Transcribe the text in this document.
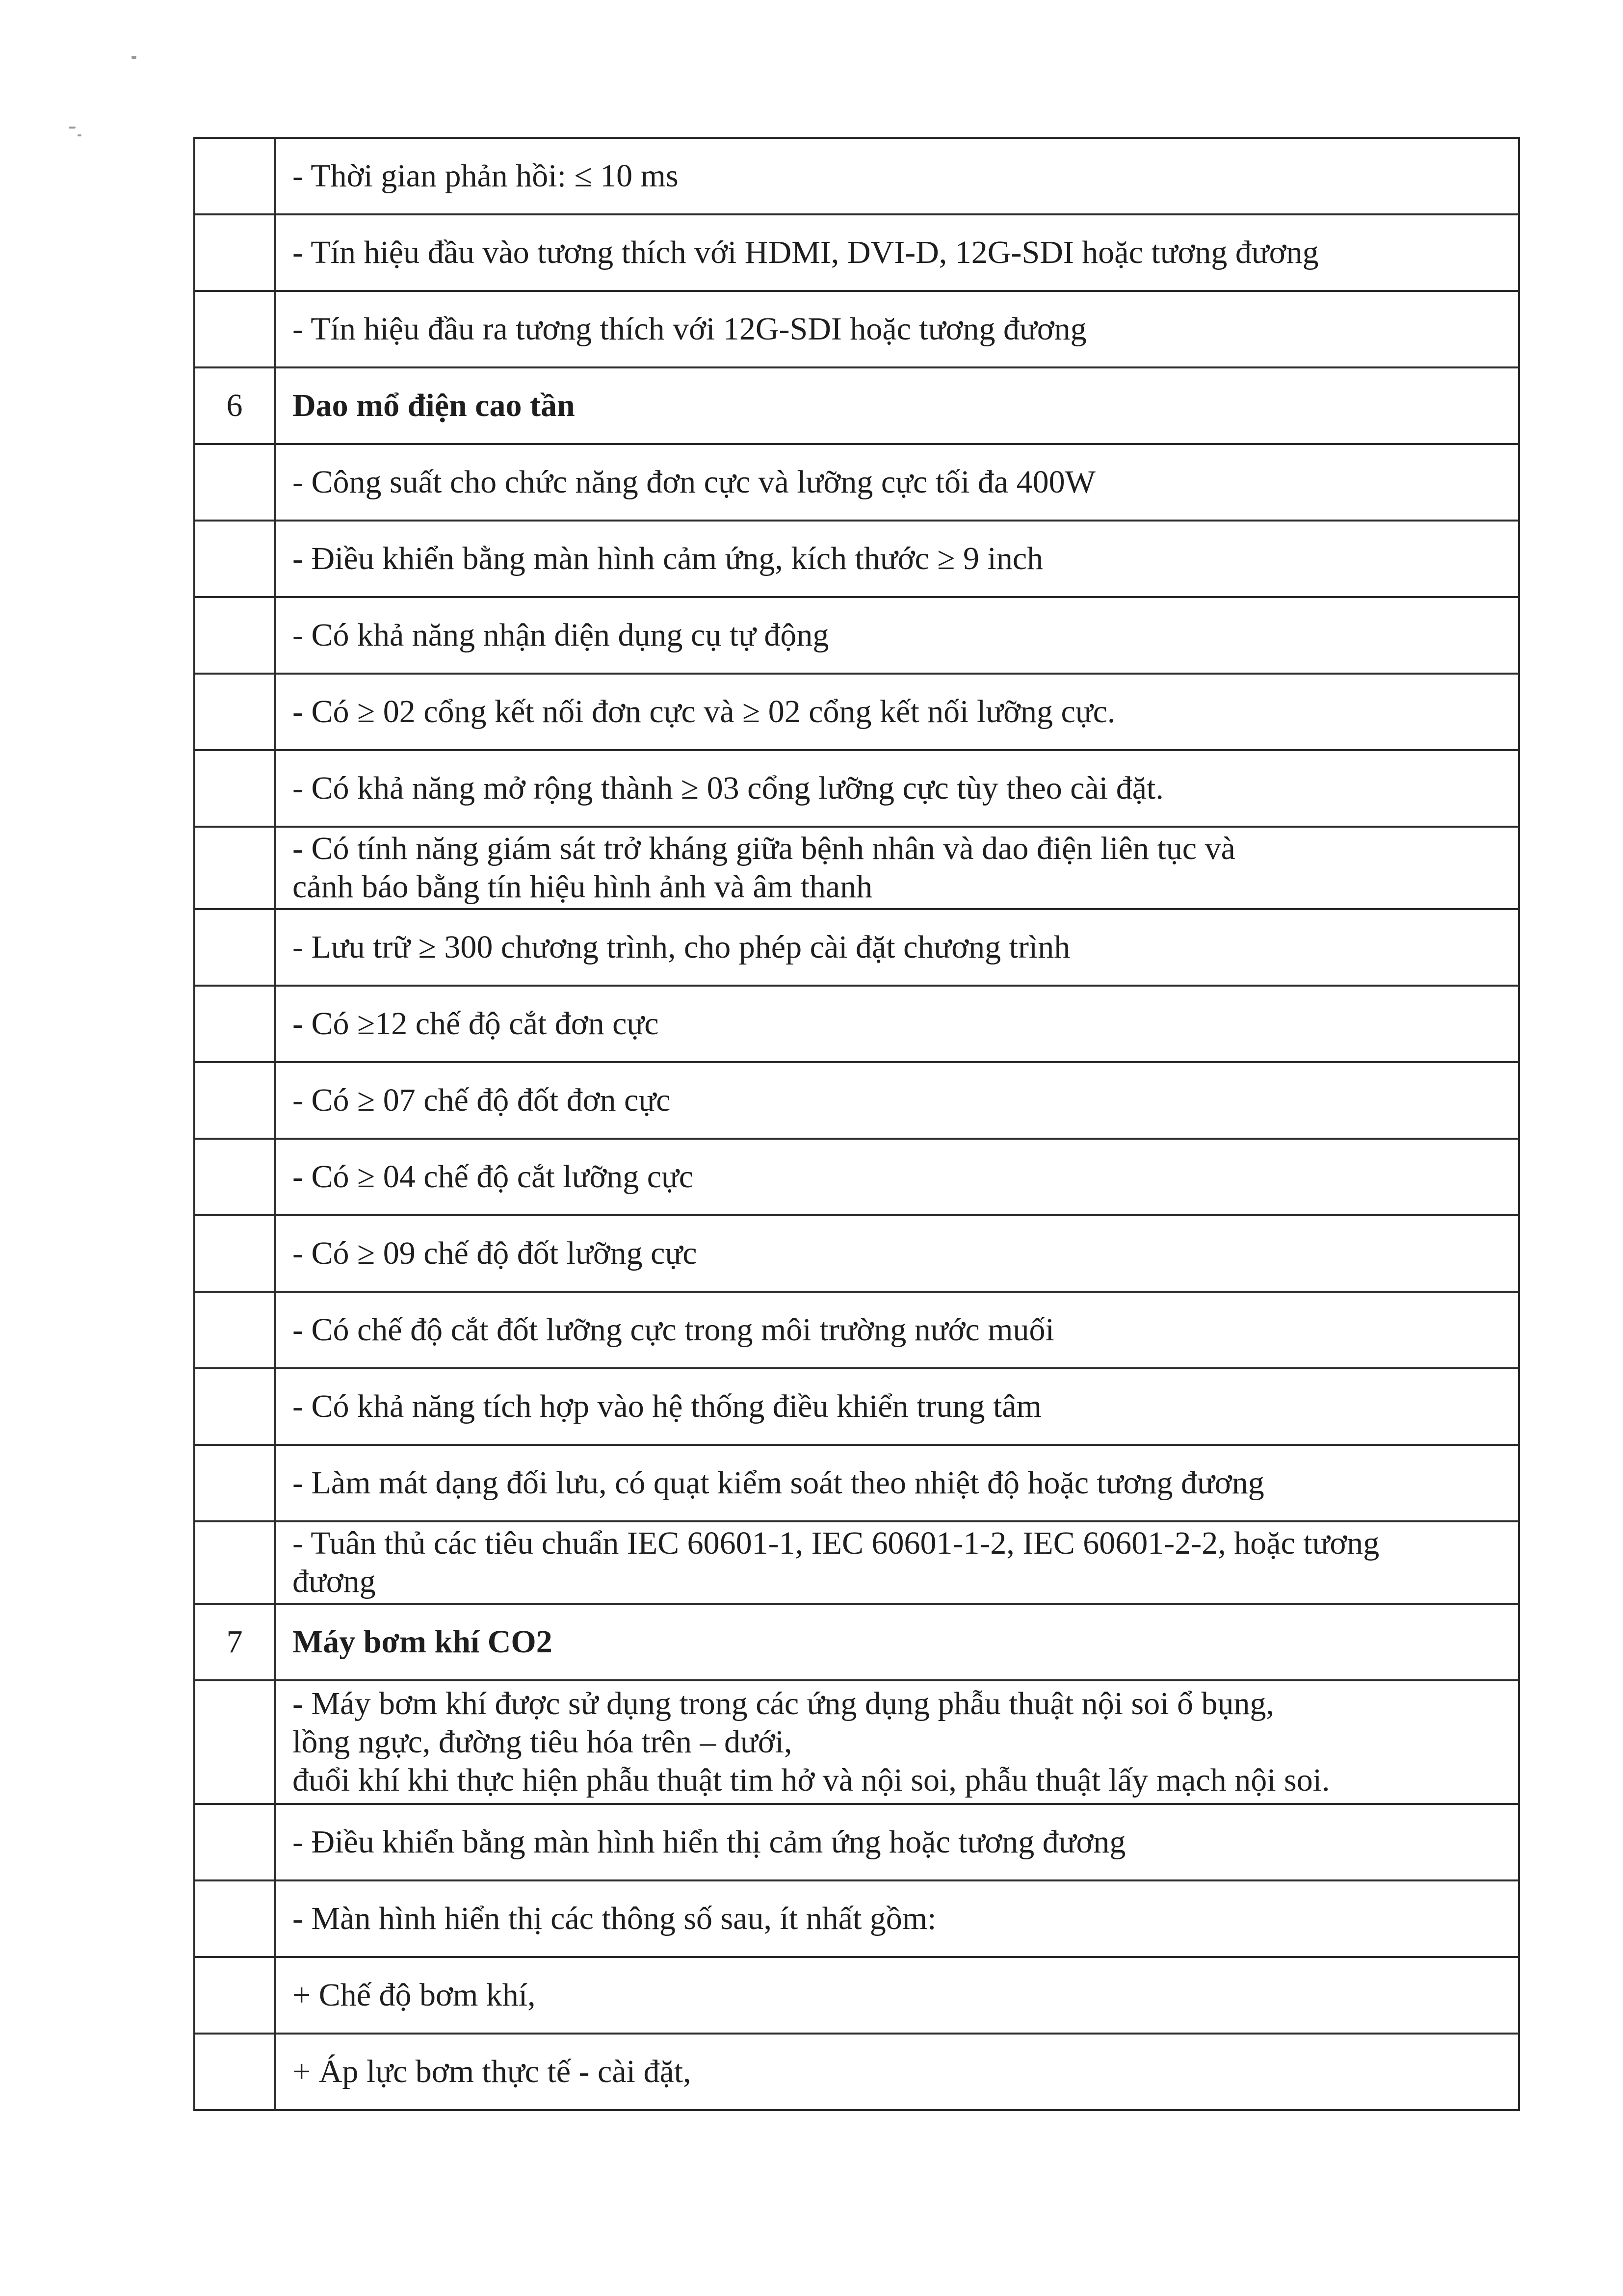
	- Thời gian phản hồi: ≤ 10 ms
	- Tín hiệu đầu vào tương thích với HDMI, DVI-D, 12G-SDI hoặc tương đương
	- Tín hiệu đầu ra tương thích với 12G-SDI hoặc tương đương
6	Dao mổ điện cao tần
	- Công suất cho chức năng đơn cực và lưỡng cực tối đa 400W
	- Điều khiển bằng màn hình cảm ứng, kích thước ≥ 9 inch
	- Có khả năng nhận diện dụng cụ tự động
	- Có ≥ 02 cổng kết nối đơn cực và ≥ 02 cổng kết nối lưỡng cực.
	- Có khả năng mở rộng thành ≥ 03 cổng lưỡng cực tùy theo cài đặt.
	- Có tính năng giám sát trở kháng giữa bệnh nhân và dao điện liên tục và
cảnh báo bằng tín hiệu hình ảnh và âm thanh
	- Lưu trữ ≥ 300 chương trình, cho phép cài đặt chương trình
	- Có ≥12 chế độ cắt đơn cực
	- Có ≥ 07 chế độ đốt đơn cực
	- Có ≥ 04 chế độ cắt lưỡng cực
	- Có ≥ 09 chế độ đốt lưỡng cực
	- Có chế độ cắt đốt lưỡng cực trong môi trường nước muối
	- Có khả năng tích hợp vào hệ thống điều khiển trung tâm
	- Làm mát dạng đối lưu, có quạt kiểm soát theo nhiệt độ hoặc tương đương
	- Tuân thủ các tiêu chuẩn IEC 60601-1, IEC 60601-1-2, IEC 60601-2-2, hoặc tương
đương
7	Máy bơm khí CO2
	- Máy bơm khí được sử dụng trong các ứng dụng phẫu thuật nội soi ổ bụng,
lồng ngực, đường tiêu hóa trên – dưới,
đuổi khí khi thực hiện phẫu thuật tim hở và nội soi, phẫu thuật lấy mạch nội soi.
	- Điều khiển bằng màn hình hiển thị cảm ứng hoặc tương đương
	- Màn hình hiển thị các thông số sau, ít nhất gồm:
	+ Chế độ bơm khí,
	+ Áp lực bơm thực tế - cài đặt,
